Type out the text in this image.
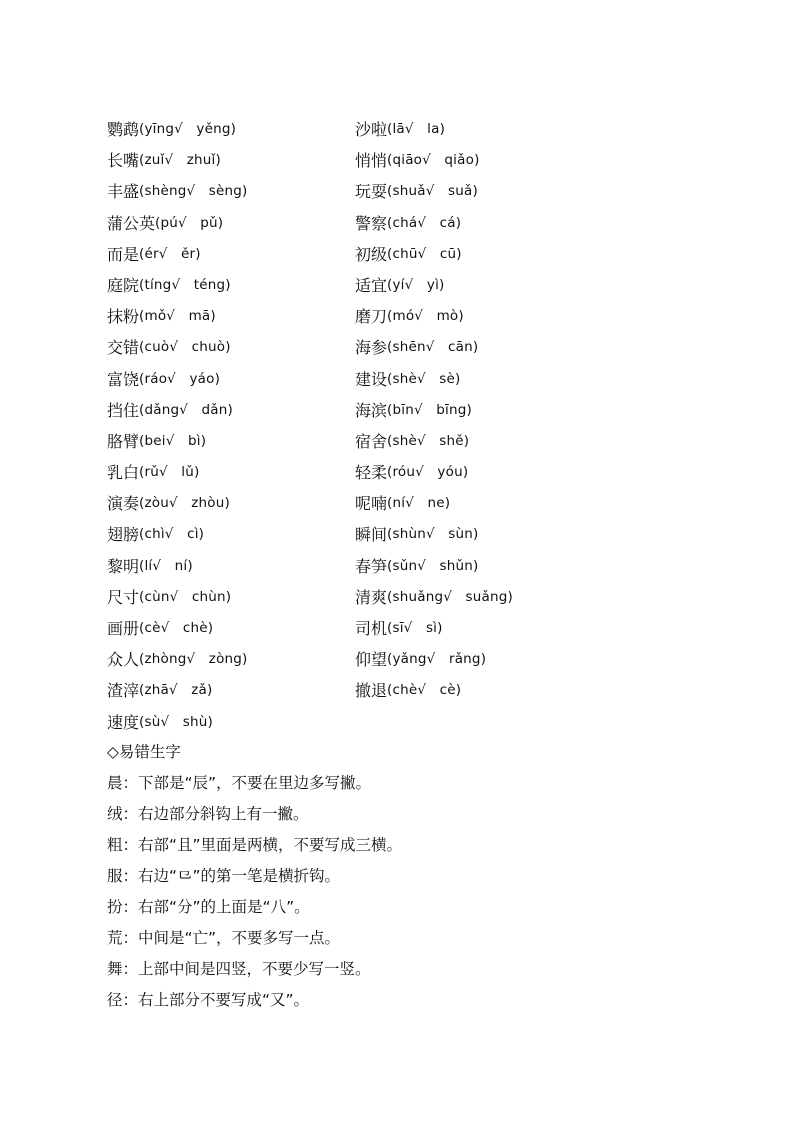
鹦鹉 (yīng√   yěng)	沙啦 (lā√   la)
长嘴 (zuǐ√   zhuǐ)	悄悄 (qiāo√   qiǎo)
丰盛 (shèng√   sèng)	玩耍 (shuǎ√   suǎ)
蒲公英 (pú√   pǔ)	警察 (chá√   cá)
而是 (ér√   ěr)	初级 (chū√   cū)
庭院 (tíng√   téng)	适宜 (yí√   yì)
抹粉 (mǒ√   mā)	磨刀 (mó√   mò)
交错 (cuò√   chuò)	海参 (shēn√   cān)
富饶 (ráo√   yáo)	建设 (shè√   sè)
挡住 (dǎng√   dǎn)	海滨 (bīn√   bīng)
胳臂 (bei√   bì)	宿舍 (shè√   shě)
乳白 (rǔ√   lǔ)	轻柔 (róu√   yóu)
演奏 (zòu√   zhòu)	呢喃 (ní√   ne)
翅膀 (chì√   cì)	瞬间 (shùn√   sùn)
黎明 (lí√   ní)	春笋 (sǔn√   shǔn)
尺寸 (cùn√   chùn)	清爽 (shuǎng√   suǎng)
画册 (cè√   chè)	司机 (sī√   sì)
众人 (zhòng√   zòng)	仰望 (yǎng√   rǎng)
渣滓 (zhā√   zǎ)	撤退 (chè√   cè)
速度 (sù√   shù)
◇易错生字
晨：下部是“辰”，不要在里边多写撇。
绒：右边部分斜钩上有一撇。
粗：右部“且”里面是两横，不要写成三横。
服：右边“⺋”的第一笔是横折钩。
扮：右部“分”的上面是“八”。
荒：中间是“亡”，不要多写一点。
舞：上部中间是四竖，不要少写一竖。
径：右上部分不要写成“又”。
